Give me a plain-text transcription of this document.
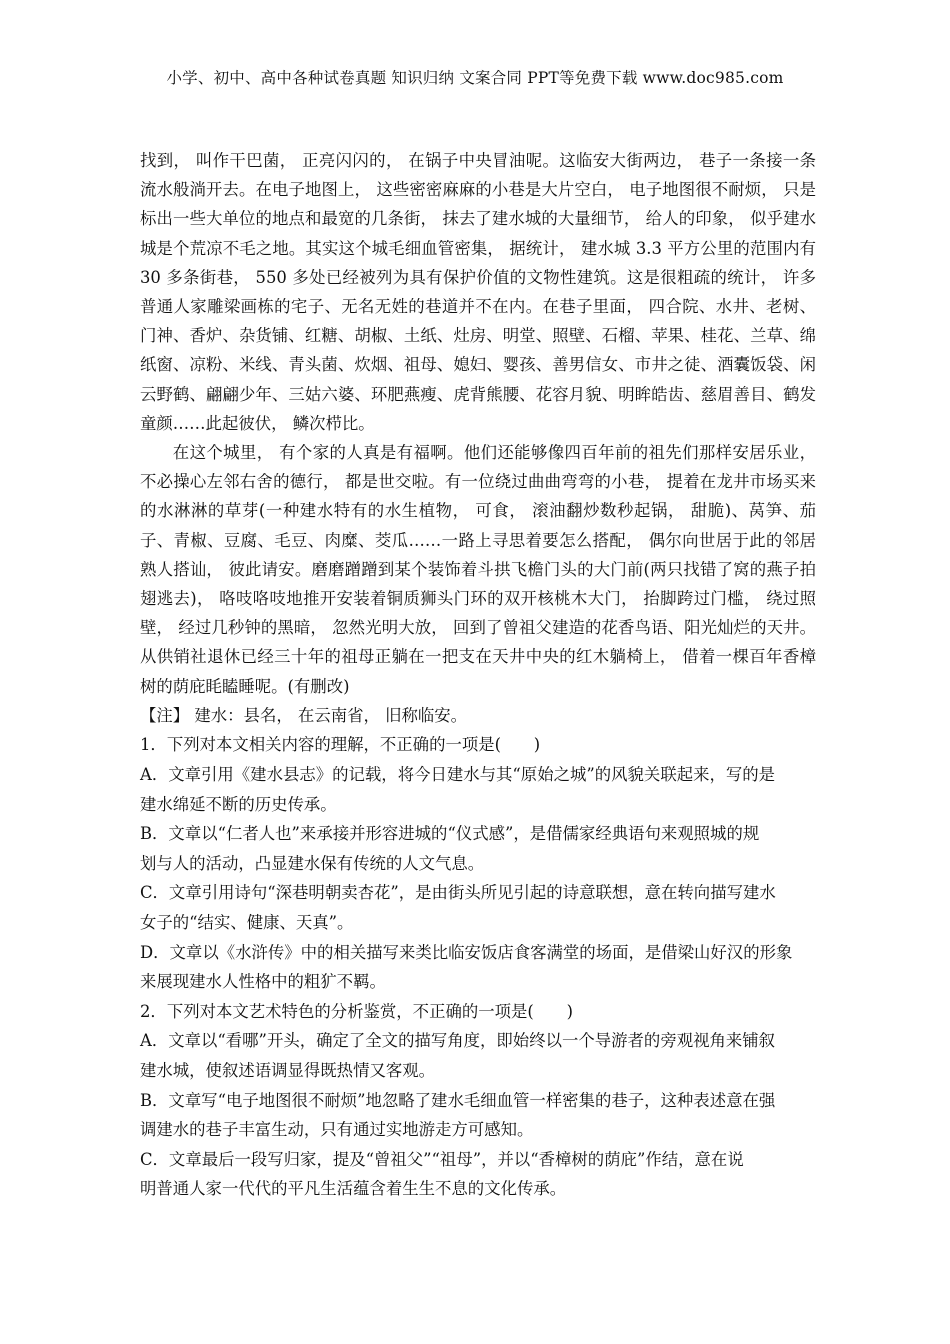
小学、初中、高中各种试卷真题 知识归纳 文案合同 PPT等免费下载 www.doc985.com

找到， 叫作干巴菌， 正亮闪闪的， 在锅子中央冒油呢。这临安大街两边， 巷子一条接一条流水般淌开去。在电子地图上， 这些密密麻麻的小巷是大片空白， 电子地图很不耐烦， 只是标出一些大单位的地点和最宽的几条街， 抹去了建水城的大量细节， 给人的印象， 似乎建水城是个荒凉不毛之地。其实这个城毛细血管密集， 据统计， 建水城 3.3 平方公里的范围内有 30 多条街巷， 550 多处已经被列为具有保护价值的文物性建筑。这是很粗疏的统计， 许多普通人家雕梁画栋的宅子、无名无姓的巷道并不在内。在巷子里面， 四合院、水井、老树、门神、香炉、杂货铺、红糖、胡椒、土纸、灶房、明堂、照壁、石榴、苹果、桂花、兰草、绵纸窗、凉粉、米线、青头菌、炊烟、祖母、媳妇、婴孩、善男信女、市井之徒、酒囊饭袋、闲云野鹤、翩翩少年、三姑六婆、环肥燕瘦、虎背熊腰、花容月貌、明眸皓齿、慈眉善目、鹤发童颜……此起彼伏， 鳞次栉比。

在这个城里， 有个家的人真是有福啊。他们还能够像四百年前的祖先们那样安居乐业， 不必操心左邻右舍的德行， 都是世交啦。有一位绕过曲曲弯弯的小巷， 提着在龙井市场买来的水淋淋的草芽(一种建水特有的水生植物， 可食， 滚油翻炒数秒起锅， 甜脆)、莴笋、茄子、青椒、豆腐、毛豆、肉糜、茭瓜……一路上寻思着要怎么搭配， 偶尔向世居于此的邻居熟人搭讪， 彼此请安。磨磨蹭蹭到某个装饰着斗拱飞檐门头的大门前(两只找错了窝的燕子拍翅逃去)， 咯吱咯吱地推开安装着铜质狮头门环的双开核桃木大门， 抬脚跨过门槛， 绕过照壁， 经过几秒钟的黑暗， 忽然光明大放， 回到了曾祖父建造的花香鸟语、阳光灿烂的天井。从供销社退休已经三十年的祖母正躺在一把支在天井中央的红木躺椅上， 借着一棵百年香樟树的荫庇眊瞌睡呢。(有删改)

【注】 建水：县名， 在云南省， 旧称临安。
1．下列对本文相关内容的理解，不正确的一项是(　　)
A．文章引用《建水县志》的记载，将今日建水与其“原始之城”的风貌关联起来，写的是
建水绵延不断的历史传承。
B．文章以“仁者人也”来承接并形容进城的“仪式感”，是借儒家经典语句来观照城的规
划与人的活动，凸显建水保有传统的人文气息。
C．文章引用诗句“深巷明朝卖杏花”，是由街头所见引起的诗意联想，意在转向描写建水
女子的“结实、健康、天真”。
D．文章以《水浒传》中的相关描写来类比临安饭店食客满堂的场面，是借梁山好汉的形象
来展现建水人性格中的粗犷不羁。
2．下列对本文艺术特色的分析鉴赏，不正确的一项是(　　)
A．文章以“看哪”开头，确定了全文的描写角度，即始终以一个导游者的旁观视角来铺叙
建水城，使叙述语调显得既热情又客观。
B．文章写“电子地图很不耐烦”地忽略了建水毛细血管一样密集的巷子，这种表述意在强
调建水的巷子丰富生动，只有通过实地游走方可感知。
C．文章最后一段写归家，提及“曾祖父”“祖母”，并以“香樟树的荫庇”作结，意在说
明普通人家一代代的平凡生活蕴含着生生不息的文化传承。
